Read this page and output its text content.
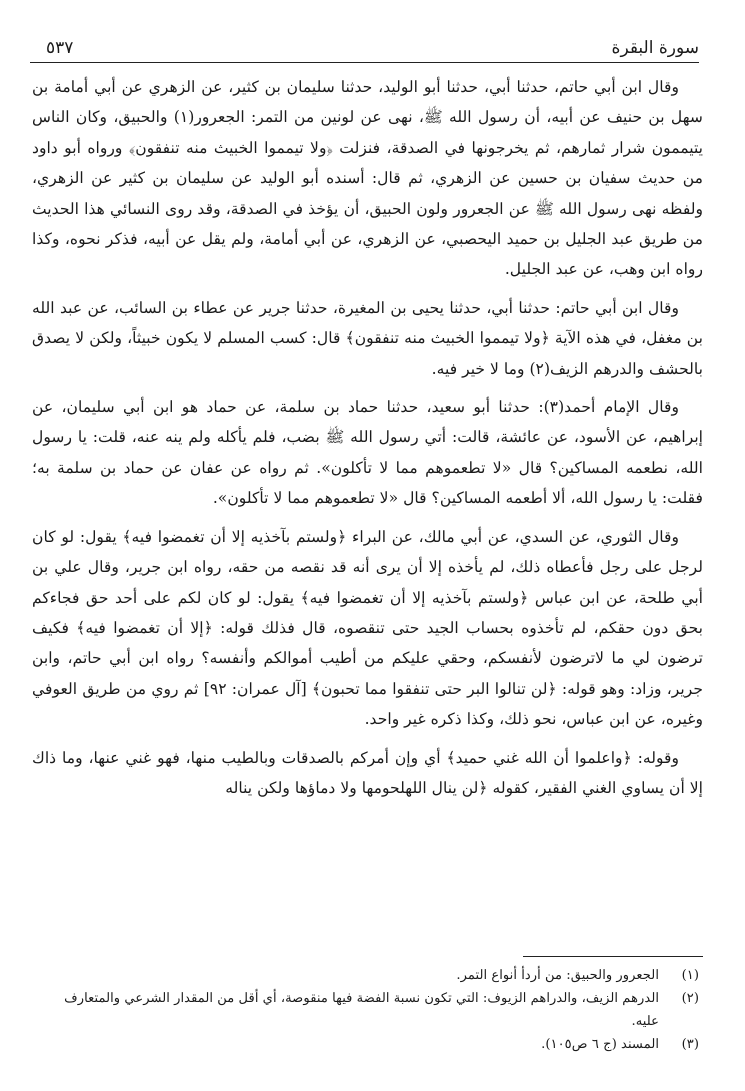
سورة البقرة
٥٣٧

وقال ابن أبي حاتم، حدثنا أبي، حدثنا أبو الوليد، حدثنا سليمان بن كثير، عن الزهري عن أبي أمامة بن سهل بن حنيف عن أبيه، أن رسول الله ﷺ، نهى عن لونين من التمر: الجعرور(١) والحبيق، وكان الناس يتيممون شرار ثمارهم، ثم يخرجونها في الصدقة، فنزلت ﴿ولا تيمموا الخبيث منه تنفقون﴾ ورواه أبو داود من حديث سفيان بن حسين عن الزهري، ثم قال: أسنده أبو الوليد عن سليمان بن كثير عن الزهري، ولفظه نهى رسول الله ﷺ عن الجعرور ولون الحبيق، أن يؤخذ في الصدقة، وقد روى النسائي هذا الحديث من طريق عبد الجليل بن حميد اليحصبي، عن الزهري، عن أبي أمامة، ولم يقل عن أبيه، فذكر نحوه، وكذا رواه ابن وهب، عن عبد الجليل.

وقال ابن أبي حاتم: حدثنا أبي، حدثنا يحيى بن المغيرة، حدثنا جرير عن عطاء بن السائب، عن عبد الله بن مغفل، في هذه الآية ﴿ولا تيمموا الخبيث منه تنفقون﴾ قال: كسب المسلم لا يكون خبيثاً، ولكن لا يصدق بالحشف والدرهم الزيف(٢) وما لا خير فيه.

وقال الإمام أحمد(٣): حدثنا أبو سعيد، حدثنا حماد بن سلمة، عن حماد هو ابن أبي سليمان، عن إبراهيم، عن الأسود، عن عائشة، قالت: أتي رسول الله ﷺ بضب، فلم يأكله ولم ينه عنه، قلت: يا رسول الله، نطعمه المساكين؟ قال «لا تطعموهم مما لا تأكلون». ثم رواه عن عفان عن حماد بن سلمة به؛ فقلت: يا رسول الله، ألا أطعمه المساكين؟ قال «لا تطعموهم مما لا تأكلون».

وقال الثوري، عن السدي، عن أبي مالك، عن البراء ﴿ولستم بآخذيه إلا أن تغمضوا فيه﴾ يقول: لو كان لرجل على رجل فأعطاه ذلك، لم يأخذه إلا أن يرى أنه قد نقصه من حقه، رواه ابن جرير، وقال علي بن أبي طلحة، عن ابن عباس ﴿ولستم بآخذيه إلا أن تغمضوا فيه﴾ يقول: لو كان لكم على أحد حق فجاءكم بحق دون حقكم، لم تأخذوه بحساب الجيد حتى تنقصوه، قال فذلك قوله: ﴿إلا أن تغمضوا فيه﴾ فكيف ترضون لي ما لاترضون لأنفسكم، وحقي عليكم من أطيب أموالكم وأنفسه؟ رواه ابن أبي حاتم، وابن جرير، وزاد: وهو قوله: ﴿لن تنالوا البر حتى تنفقوا مما تحبون﴾ [آل عمران: ٩٢] ثم روي من طريق العوفي وغيره، عن ابن عباس، نحو ذلك، وكذا ذكره غير واحد.

وقوله: ﴿واعلموا أن الله غني حميد﴾ أي وإن أمركم بالصدقات وبالطيب منها، فهو غني عنها، وما ذاك إلا أن يساوي الغني الفقير، كقوله ﴿لن ينال اللهلحومها ولا دماؤها ولكن يناله

(١)
الجعرور والحبيق: من أردأ أنواع التمر.
(٢)
الدرهم الزيف، والدراهم الزيوف: التي تكون نسبة الفضة فيها منقوصة، أي أقل من المقدار الشرعي والمتعارف عليه.
(٣)
المسند (ج ٦ ص١٠٥).
